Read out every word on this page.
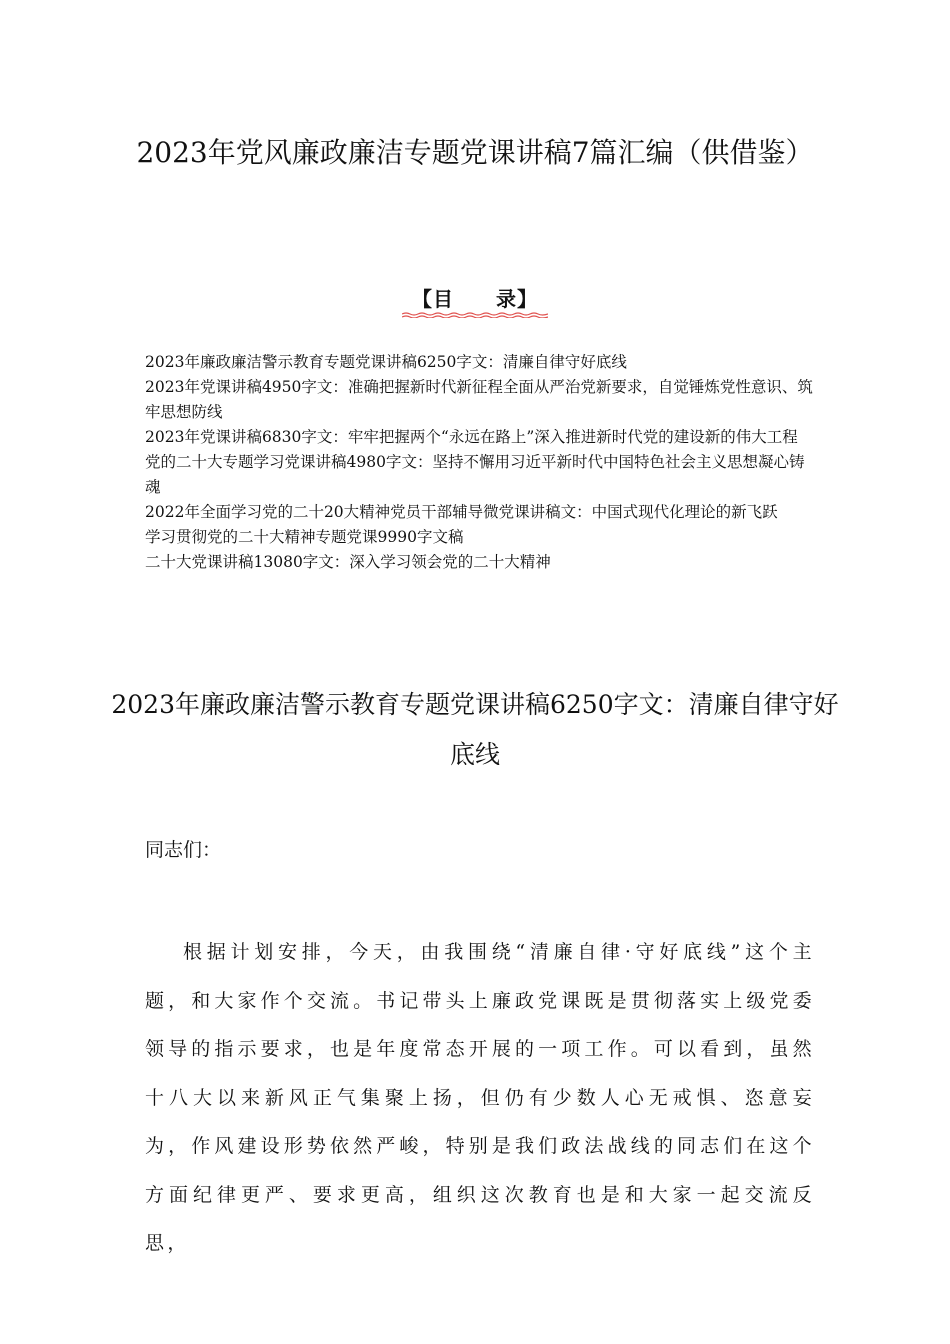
2023年党风廉政廉洁专题党课讲稿7篇汇编（供借鉴）
【目　　录】
2023年廉政廉洁警示教育专题党课讲稿6250字文：清廉自律守好底线
2023年党课讲稿4950字文：准确把握新时代新征程全面从严治党新要求，自觉锤炼党性意识、筑牢思想防线
2023年党课讲稿6830字文：牢牢把握两个“永远在路上”深入推进新时代党的建设新的伟大工程
党的二十大专题学习党课讲稿4980字文：坚持不懈用习近平新时代中国特色社会主义思想凝心铸魂
2022年全面学习党的二十20大精神党员干部辅导微党课讲稿文：中国式现代化理论的新飞跃
学习贯彻党的二十大精神专题党课9990字文稿
二十大党课讲稿13080字文：深入学习领会党的二十大精神
2023年廉政廉洁警示教育专题党课讲稿6250字文：清廉自律守好底线

同志们：

根据计划安排，今天，由我围绕“清廉自律·守好底线”这个主题，和大家作个交流。书记带头上廉政党课既是贯彻落实上级党委领导的指示要求，也是年度常态开展的一项工作。可以看到，虽然十八大以来新风正气集聚上扬，但仍有少数人心无戒惧、恣意妄为，作风建设形势依然严峻，特别是我们政法战线的同志们在这个方面纪律更严、要求更高，组织这次教育也是和大家一起交流反思，
